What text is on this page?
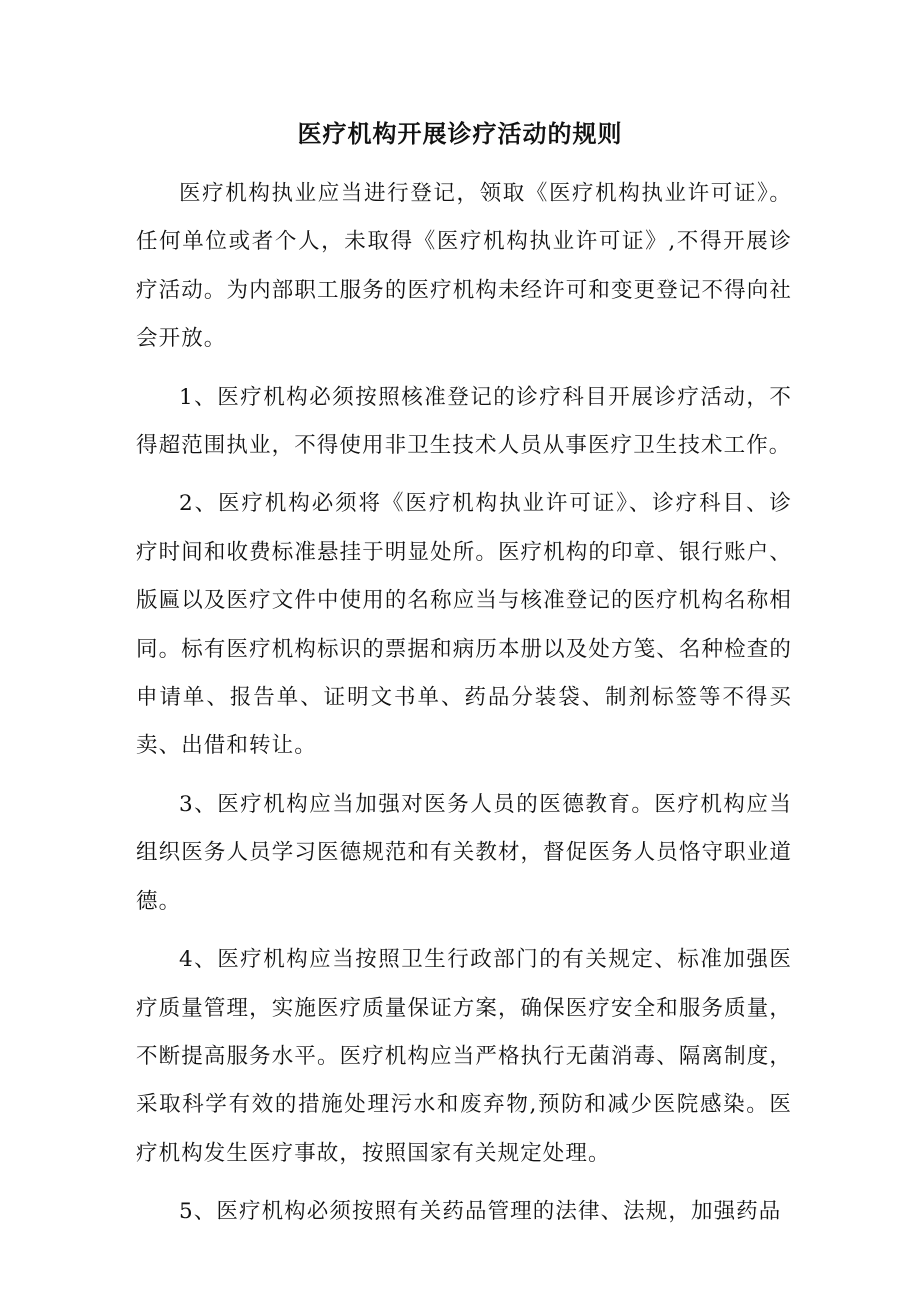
医疗机构开展诊疗活动的规则

医疗机构执业应当进行登记，领取《医疗机构执业许可证》。任何单位或者个人，未取得《医疗机构执业许可证》,不得开展诊疗活动。为内部职工服务的医疗机构未经许可和变更登记不得向社会开放。

1、医疗机构必须按照核准登记的诊疗科目开展诊疗活动，不得超范围执业，不得使用非卫生技术人员从事医疗卫生技术工作。

2、医疗机构必须将《医疗机构执业许可证》、诊疗科目、诊疗时间和收费标准悬挂于明显处所。医疗机构的印章、银行账户、版匾以及医疗文件中使用的名称应当与核准登记的医疗机构名称相同。标有医疗机构标识的票据和病历本册以及处方笺、名种检查的申请单、报告单、证明文书单、药品分装袋、制剂标签等不得买卖、出借和转让。

3、医疗机构应当加强对医务人员的医德教育。医疗机构应当组织医务人员学习医德规范和有关教材，督促医务人员恪守职业道德。

4、医疗机构应当按照卫生行政部门的有关规定、标准加强医疗质量管理，实施医疗质量保证方案，确保医疗安全和服务质量，不断提高服务水平。医疗机构应当严格执行无菌消毒、隔离制度，采取科学有效的措施处理污水和废弃物,预防和减少医院感染。医疗机构发生医疗事故，按照国家有关规定处理。

5、医疗机构必须按照有关药品管理的法律、法规，加强药品
